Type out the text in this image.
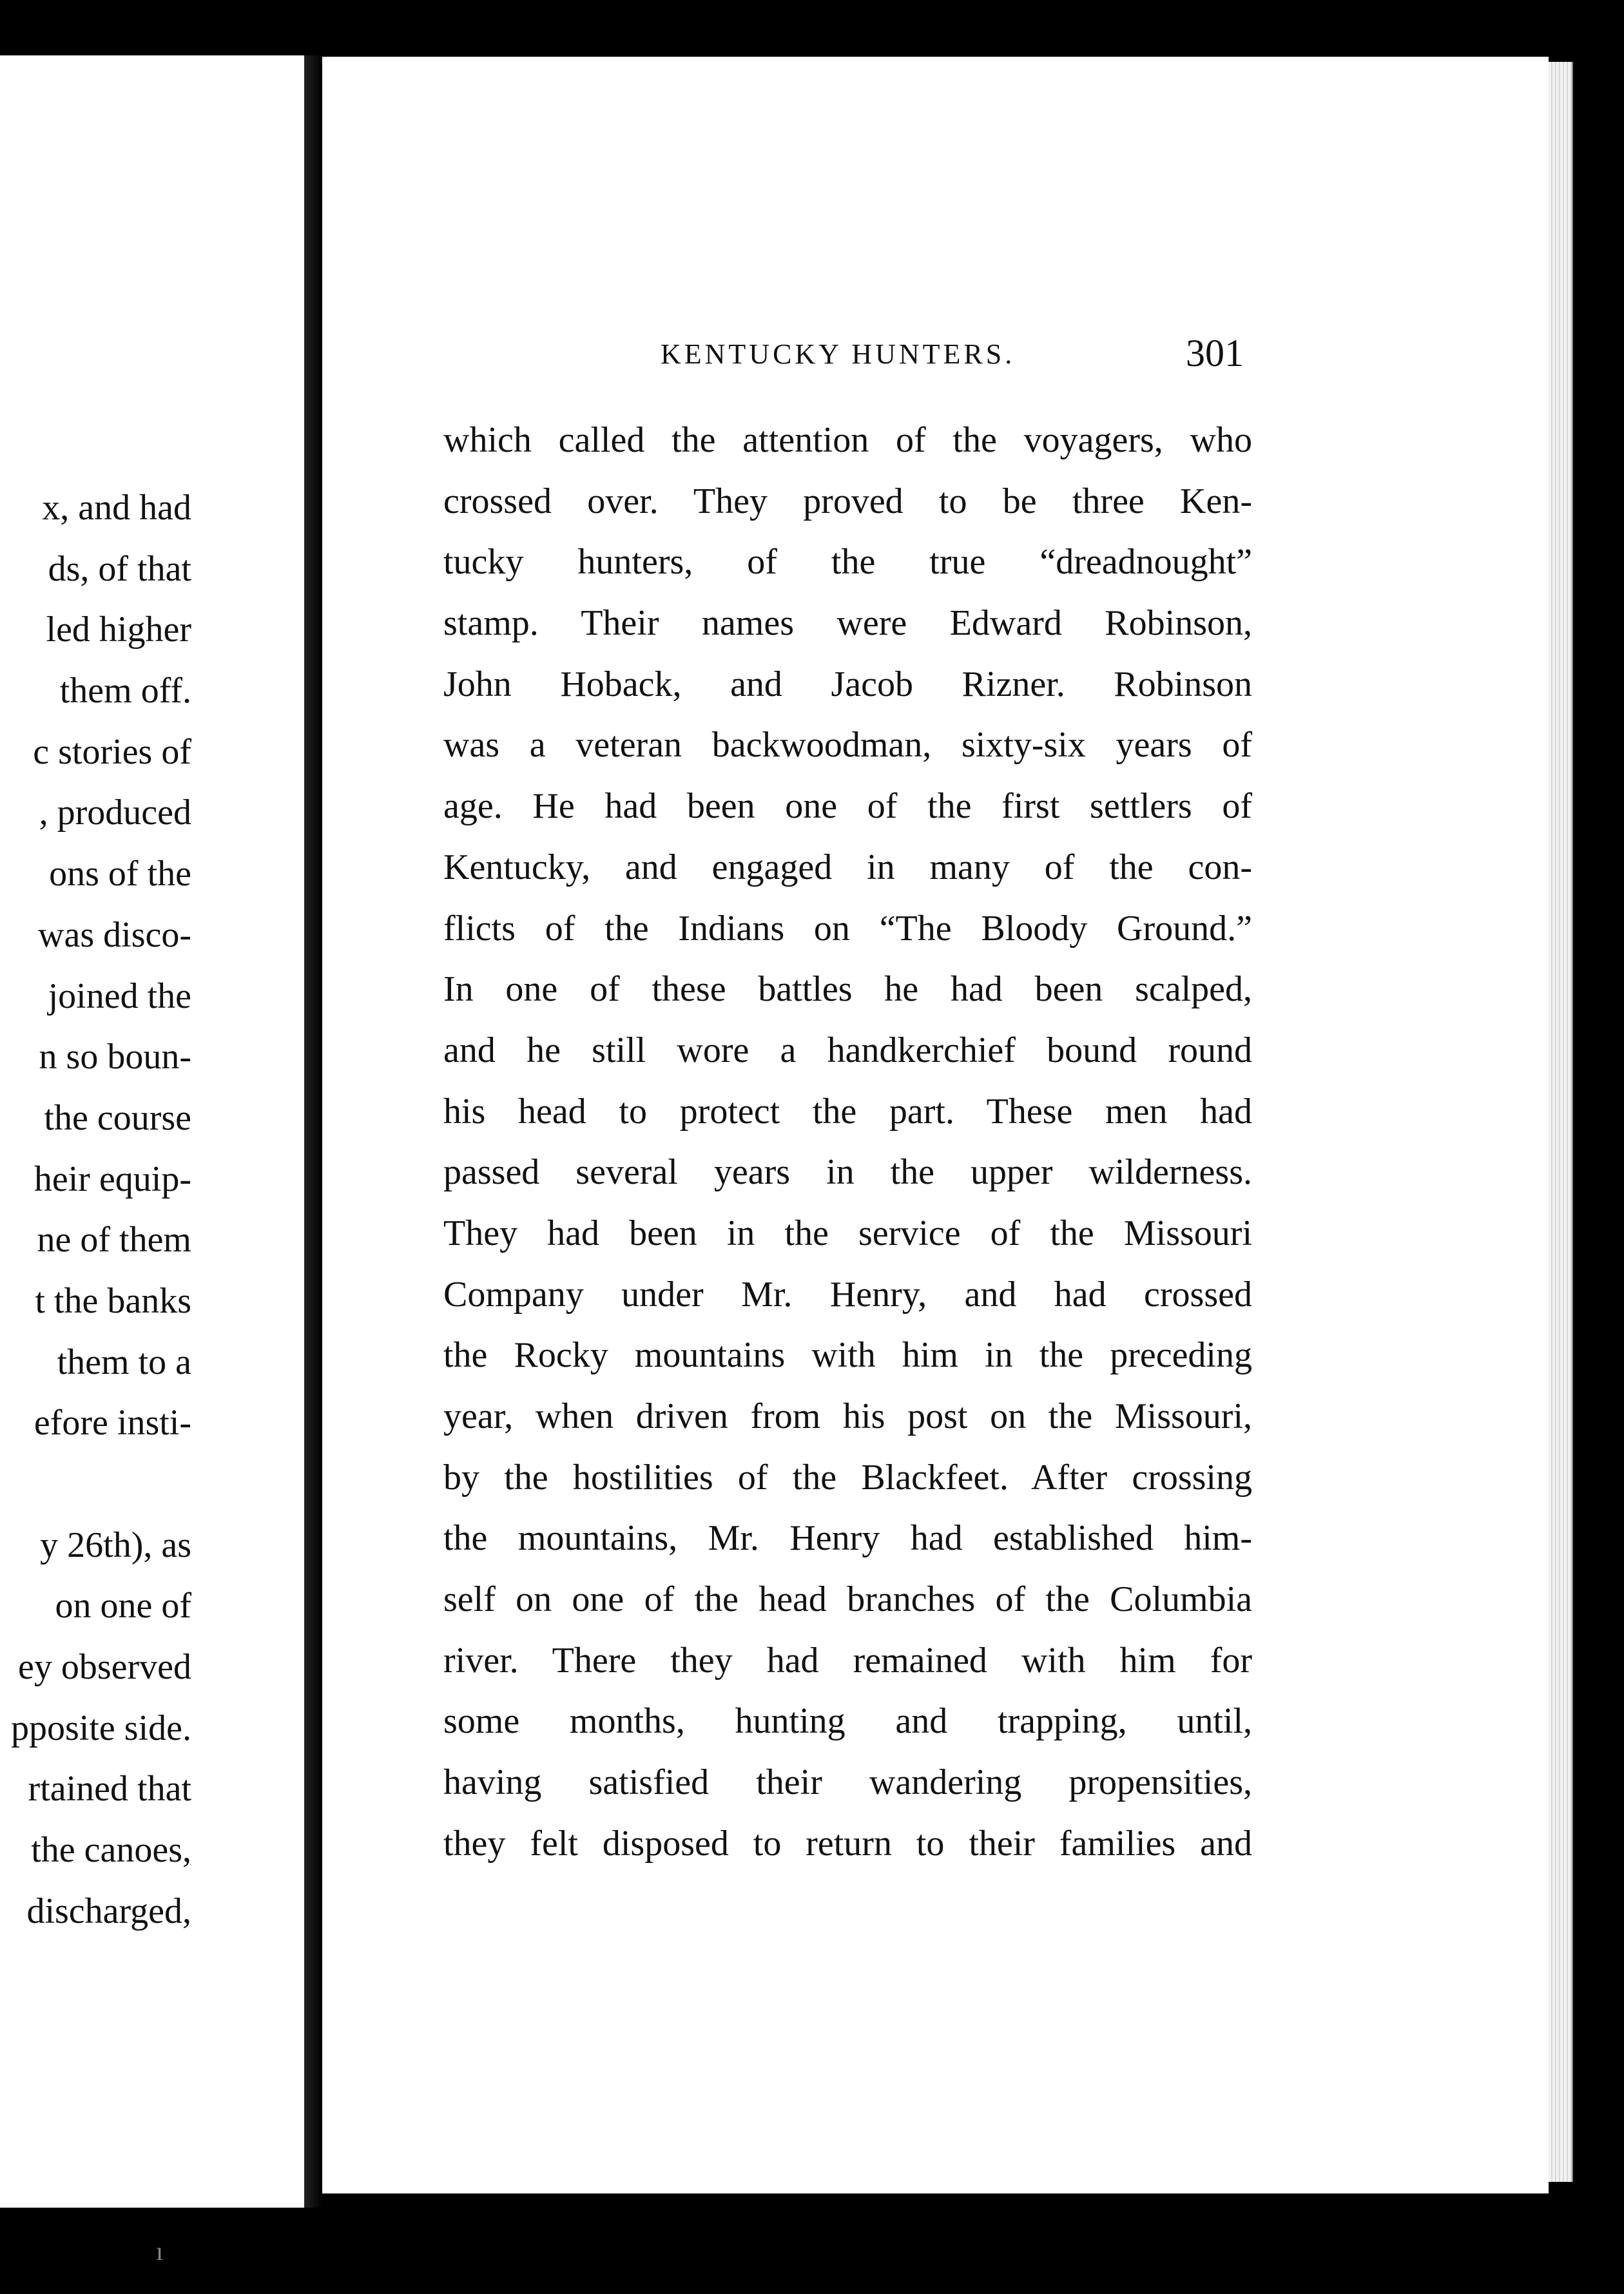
x, and had
ds, of that
led higher
them off.
c stories of
, produced
ons of the
was disco-
joined the
n so boun-
the course
heir equip-
ne of them
t the banks
them to a
efore insti-
y 26th), as
on one of
ey observed
pposite side.
rtained that
the canoes,
discharged,
KENTUCKY HUNTERS.	301
which called the attention of the voyagers, who
crossed over. They proved to be three Ken-
tucky hunters, of the true “dreadnought”
stamp. Their names were Edward Robinson,
John Hoback, and Jacob Rizner. Robinson
was a veteran backwoodman, sixty-six years of
age. He had been one of the first settlers of
Kentucky, and engaged in many of the con-
flicts of the Indians on “The Bloody Ground.”
In one of these battles he had been scalped,
and he still wore a handkerchief bound round
his head to protect the part. These men had
passed several years in the upper wilderness.
They had been in the service of the Missouri
Company under Mr. Henry, and had crossed
the Rocky mountains with him in the preceding
year, when driven from his post on the Missouri,
by the hostilities of the Blackfeet. After crossing
the mountains, Mr. Henry had established him-
self on one of the head branches of the Columbia
river. There they had remained with him for
some months, hunting and trapping, until,
having satisfied their wandering propensities,
they felt disposed to return to their families and
ı
